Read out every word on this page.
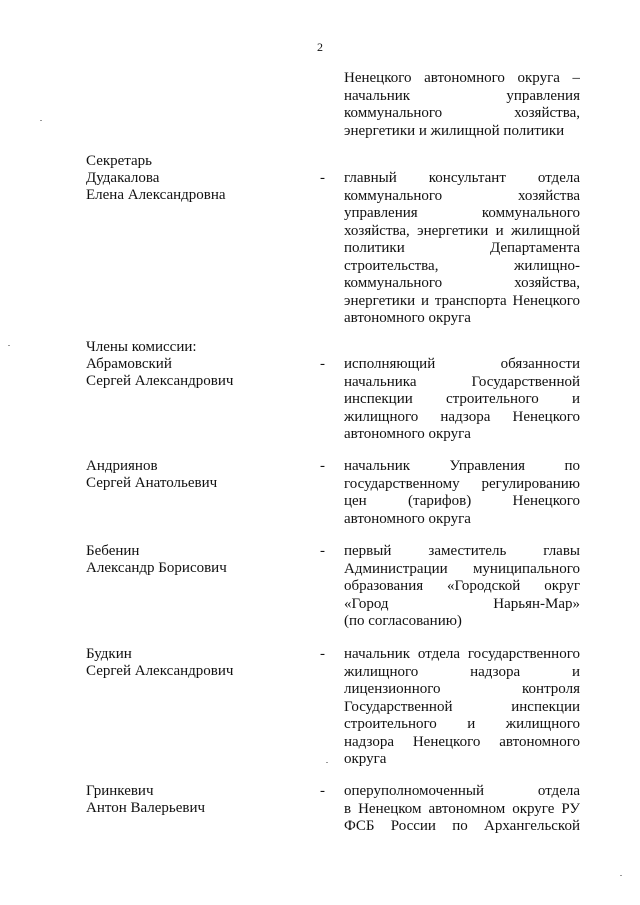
2
Ненецкого автономного округа –
начальник управления
коммунального хозяйства,
энергетики и жилищной политики
Секретарь
Дудакалова
Елена Александровна
-	главный консультант отдела
коммунального хозяйства
управления коммунального
хозяйства, энергетики и жилищной
политики Департамента
строительства, жилищно-
коммунального хозяйства,
энергетики и транспорта Ненецкого
автономного округа
Члены комиссии:
Абрамовский
Сергей Александрович
-	исполняющий обязанности
начальника Государственной
инспекции строительного и
жилищного надзора Ненецкого
автономного округа
Андриянов
Сергей Анатольевич
-	начальник Управления по
государственному регулированию
цен (тарифов) Ненецкого
автономного округа
Бебенин
Александр Борисович
-	первый заместитель главы
Администрации муниципального
образования «Городской округ
«Город Нарьян-Мар»
(по согласованию)
Будкин
Сергей Александрович
-	начальник отдела государственного
жилищного надзора и
лицензионного контроля
Государственной инспекции
строительного и жилищного
надзора Ненецкого автономного
округа
Гринкевич
Антон Валерьевич
-	оперуполномоченный отдела
в Ненецком автономном округе РУ
ФСБ России по Архангельской
